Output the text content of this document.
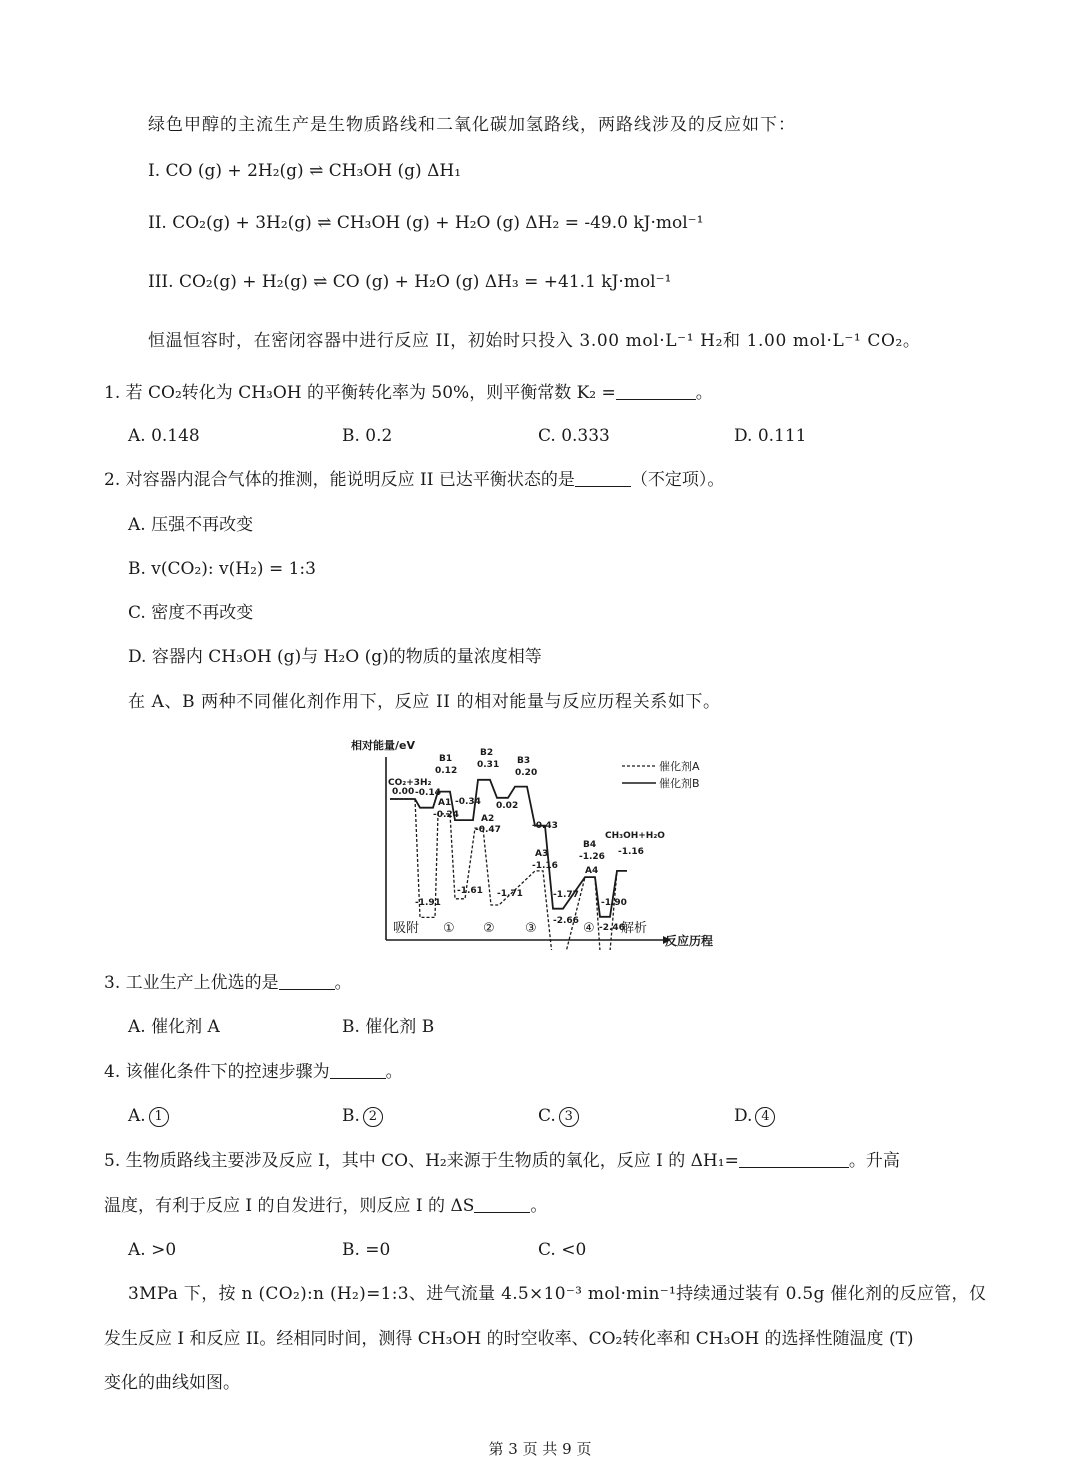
绿色甲醇的主流生产是生物质路线和二氧化碳加氢路线，两路线涉及的反应如下：
I. CO (g) + 2H₂(g) ⇌ CH₃OH (g) ΔH₁
II. CO₂(g) + 3H₂(g) ⇌ CH₃OH (g) + H₂O (g) ΔH₂ = -49.0 kJ·mol⁻¹
III. CO₂(g) + H₂(g) ⇌ CO (g) + H₂O (g) ΔH₃ = +41.1 kJ·mol⁻¹
恒温恒容时，在密闭容器中进行反应 II，初始时只投入 3.00 mol·L⁻¹ H₂和 1.00 mol·L⁻¹ CO₂。
1. 若 CO₂转化为 CH₃OH 的平衡转化率为 50%，则平衡常数 K₂ =	。
A. 0.148	B. 0.2	C. 0.333	D. 0.111
2. 对容器内混合气体的推测，能说明反应 II 已达平衡状态的是	（不定项）。
A. 压强不再改变
B. v(CO₂): v(H₂) = 1:3
C. 密度不再改变
D. 容器内 CH₃OH (g)与 H₂O (g)的物质的量浓度相等
在 A、B 两种不同催化剂作用下，反应 II 的相对能量与反应历程关系如下。
相对能量/eV
反应历程
催化剂A
催化剂B
0.00
B1
0.12
-0.14
A1
-0.24
-1.91
-0.34
-1.61
B2
0.31
A2
-0.47
0.02
-1.71
B3
0.20
A3
-1.16
-0.43
-1.77
-2.66
B4
-1.26
A4
-1.90
-2.46
-1.16
CO₂+3H₂
CH₃OH+H₂O
吸附 ① ② ③	④ 解析
3. 工业生产上优选的是	。
A. 催化剂 A	B. 催化剂 B
4. 该催化条件下的控速步骤为	。
A. 1	B. 2	C. 3	D. 4
5. 生物质路线主要涉及反应 I，其中 CO、H₂来源于生物质的氧化，反应 I 的 ΔH₁=	。升高
温度，有利于反应 I 的自发进行，则反应 I 的 ΔS	。
A. >0	B. =0	C. <0
3MPa 下，按 n (CO₂):n (H₂)=1:3、进气流量 4.5×10⁻³ mol·min⁻¹持续通过装有 0.5g 催化剂的反应管，仅
发生反应 I 和反应 II。经相同时间，测得 CH₃OH 的时空收率、CO₂转化率和 CH₃OH 的选择性随温度 (T)
变化的曲线如图。
第 3 页 共 9 页
